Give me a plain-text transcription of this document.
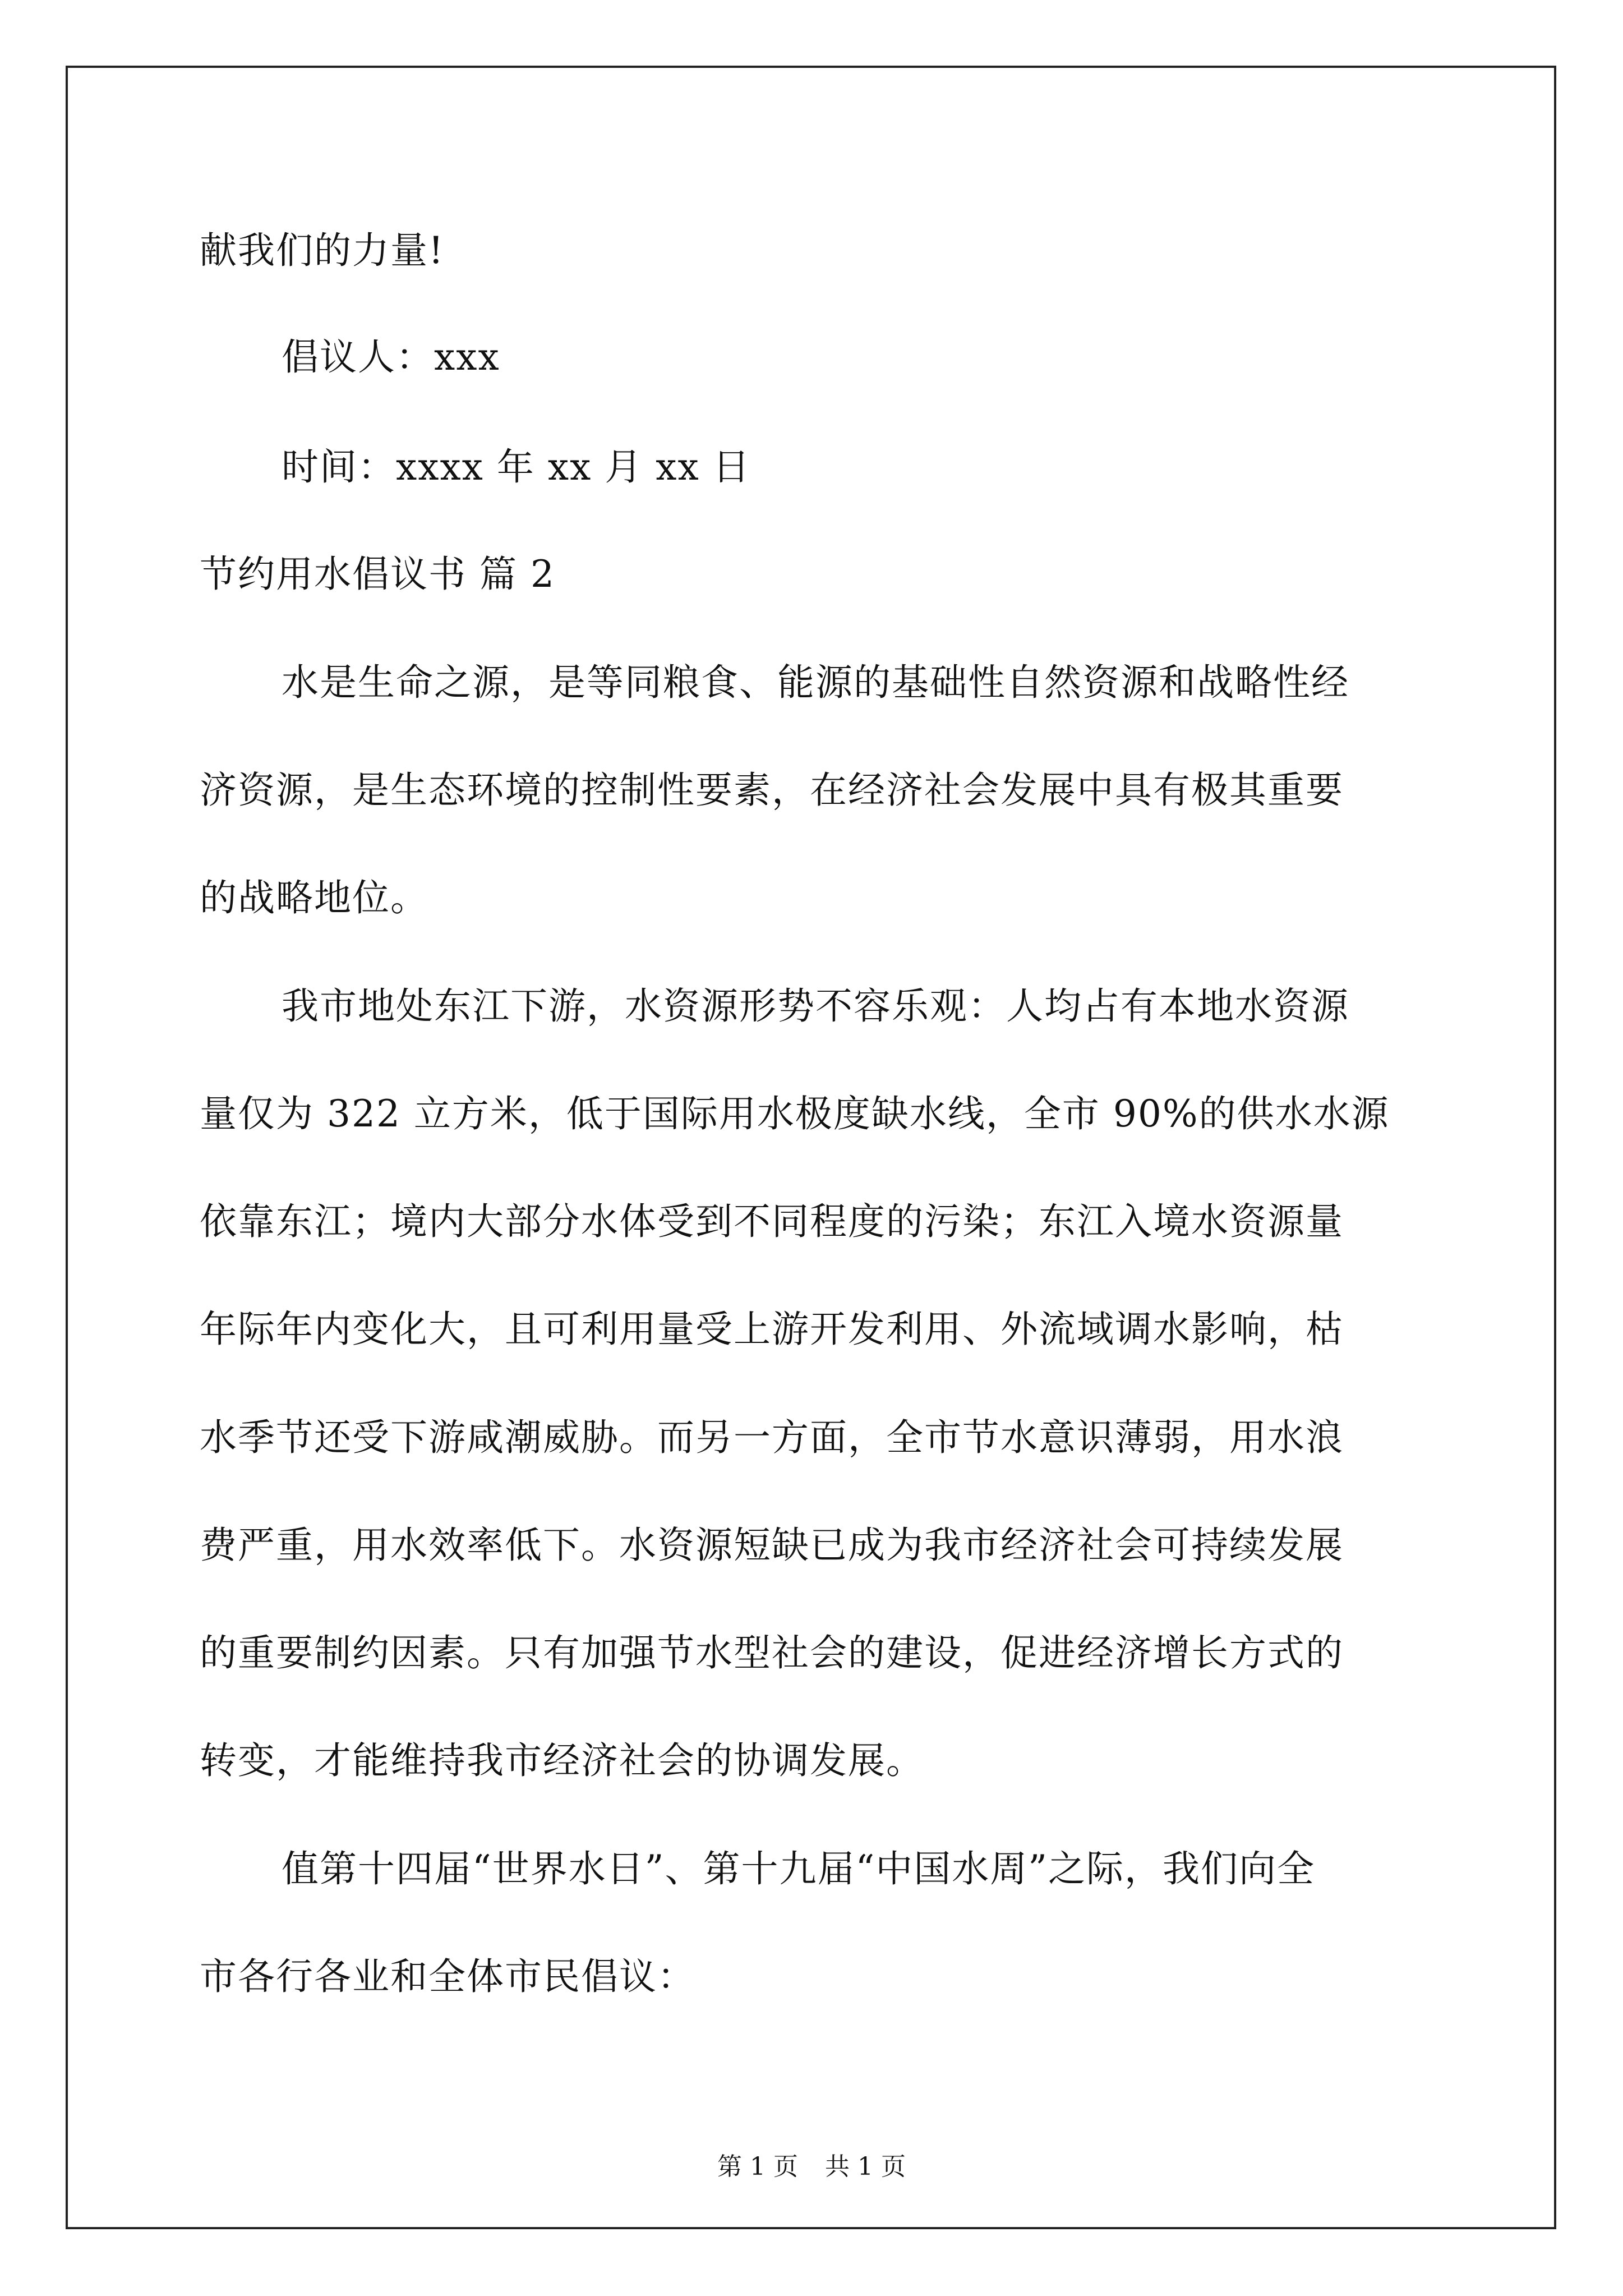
献我们的力量!
倡议人：xxx
时间：xxxx 年 xx 月 xx 日
节约用水倡议书 篇 2
水是生命之源，是等同粮食、能源的基础性自然资源和战略性经
济资源，是生态环境的控制性要素，在经济社会发展中具有极其重要
的战略地位。
我市地处东江下游，水资源形势不容乐观：人均占有本地水资源
量仅为 322 立方米，低于国际用水极度缺水线，全市 90%的供水水源
依靠东江；境内大部分水体受到不同程度的污染；东江入境水资源量
年际年内变化大，且可利用量受上游开发利用、外流域调水影响，枯
水季节还受下游咸潮威胁。而另一方面，全市节水意识薄弱，用水浪
费严重，用水效率低下。水资源短缺已成为我市经济社会可持续发展
的重要制约因素。只有加强节水型社会的建设，促进经济增长方式的
转变，才能维持我市经济社会的协调发展。
值第十四届“世界水日”、第十九届“中国水周”之际，我们向全
市各行各业和全体市民倡议：
第 1 页 共 1 页
